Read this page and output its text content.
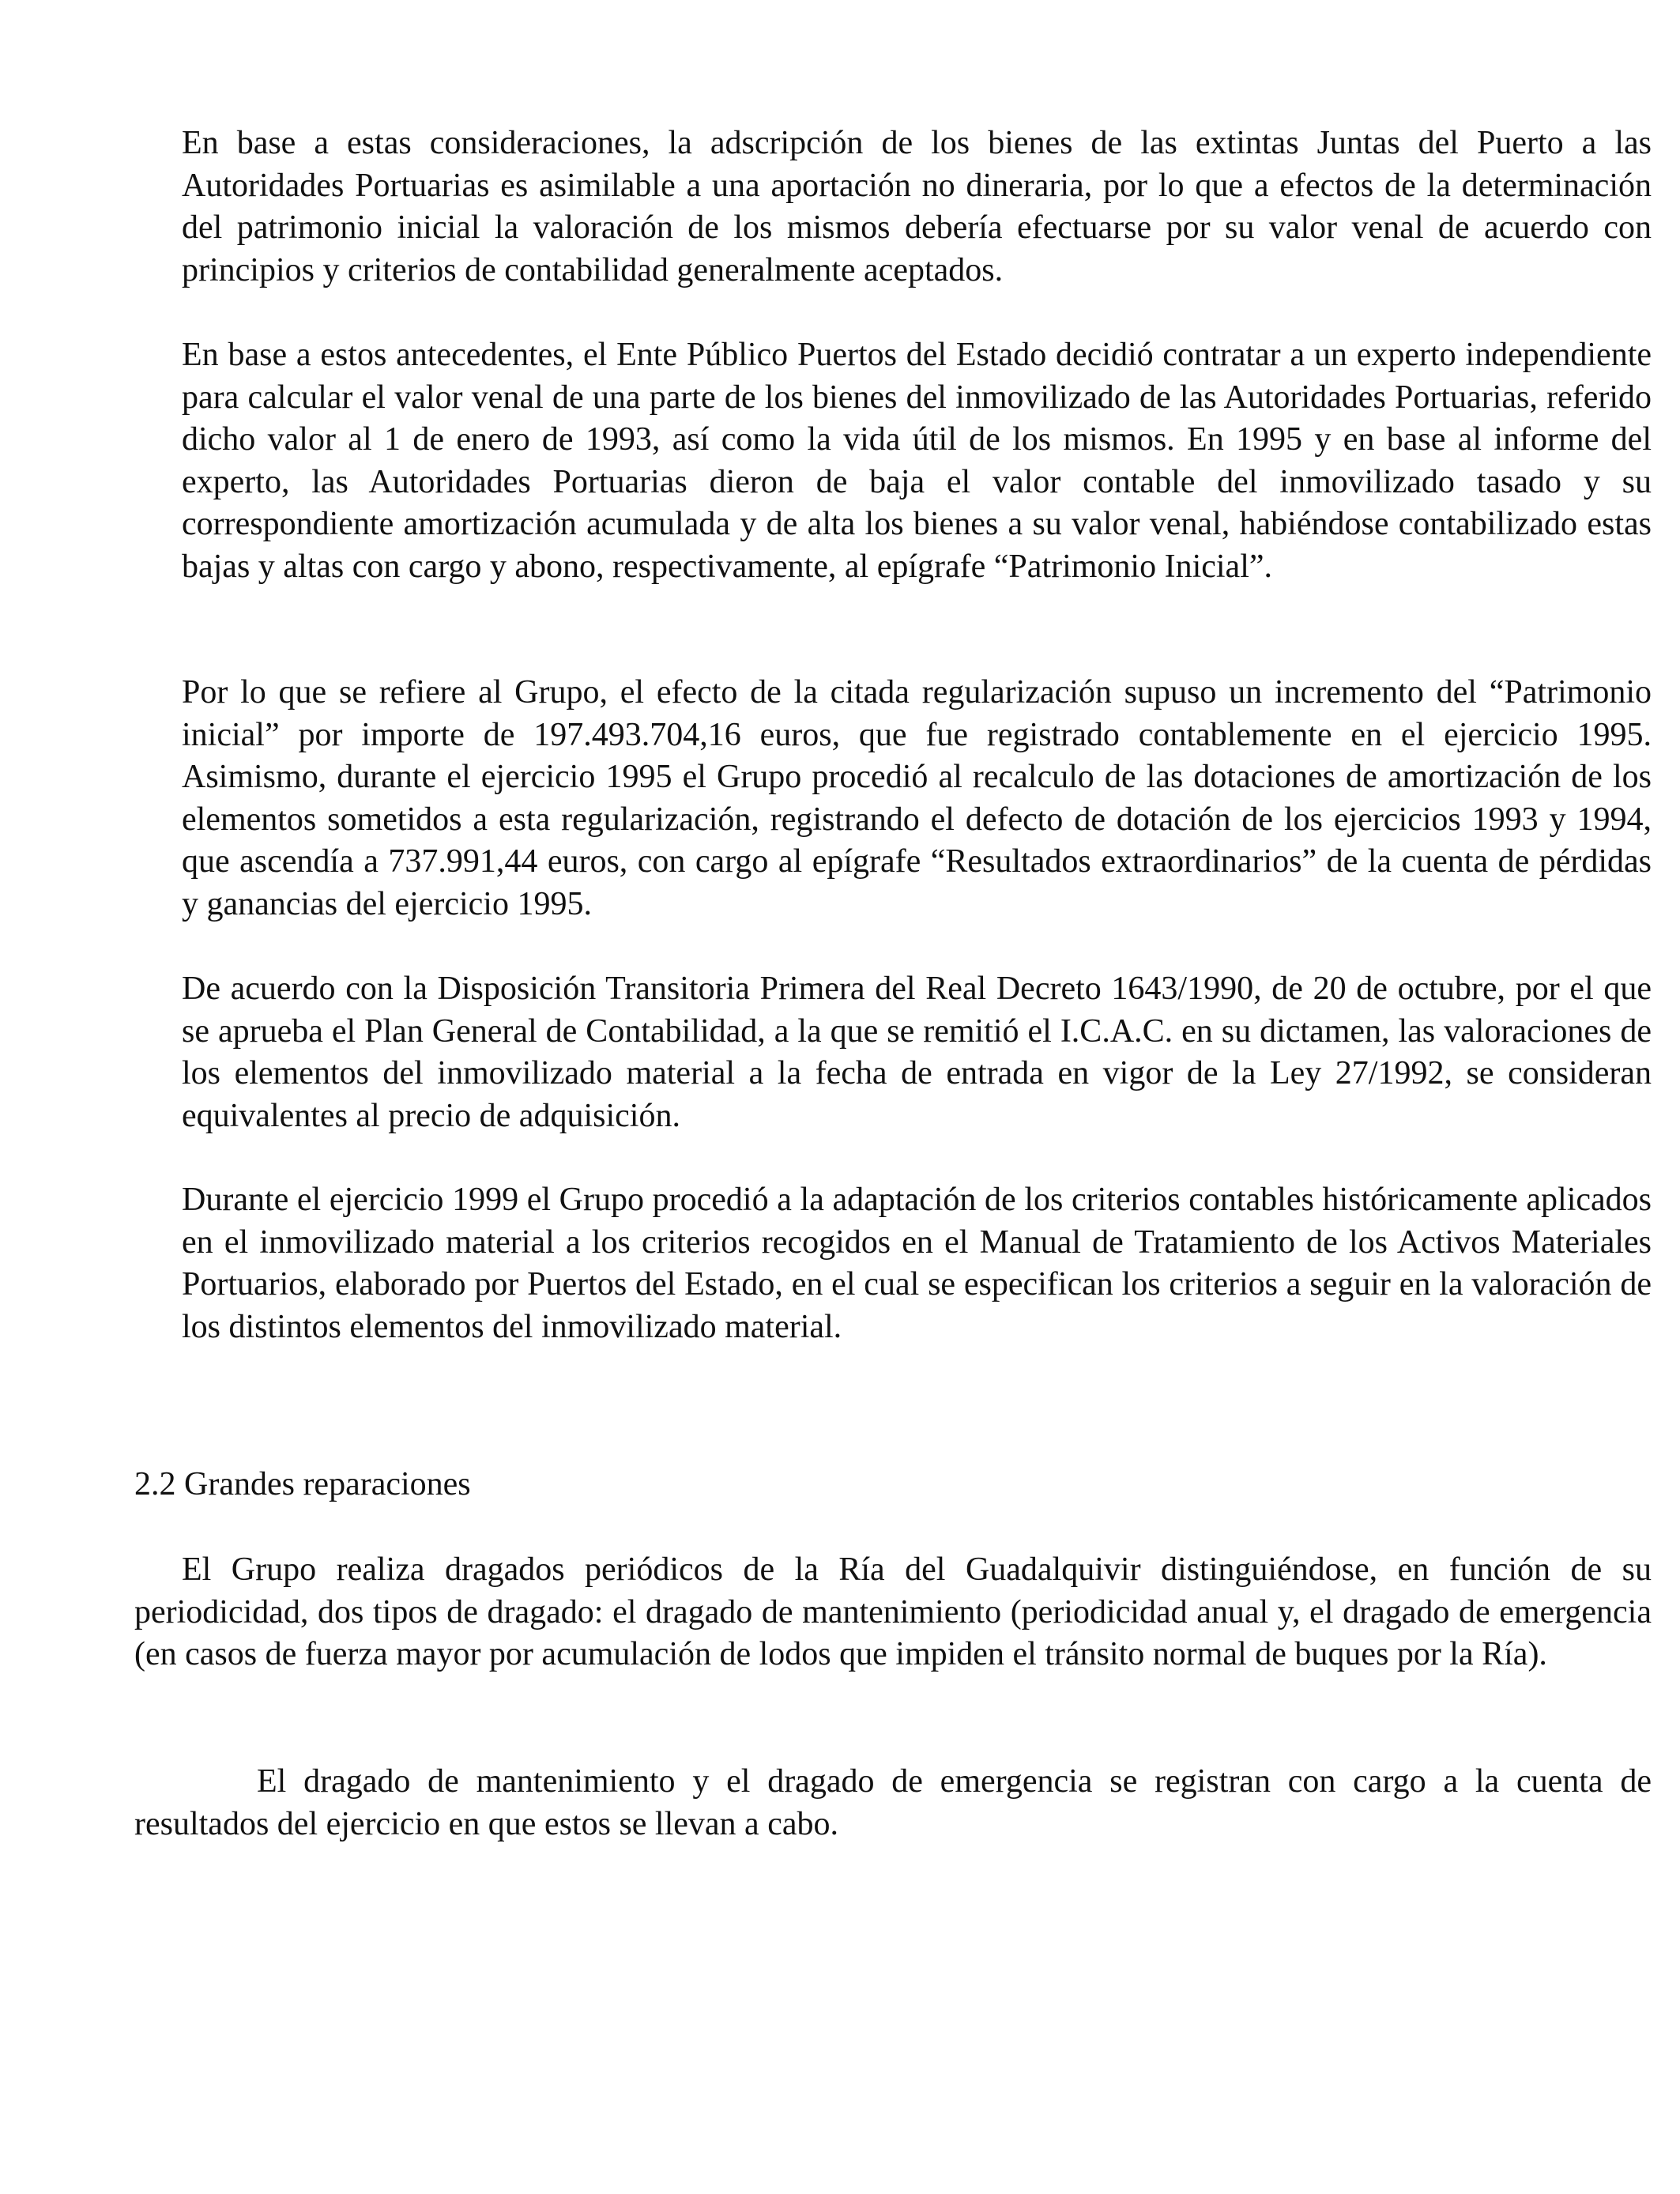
En base a estas consideraciones, la adscripción de los bienes de las extintas Juntas del Puerto a las Autoridades Portuarias es asimilable a una aportación no dineraria, por lo que a efectos de la determinación del patrimonio inicial la valoración de los mismos debería efectuarse por su valor venal de acuerdo con principios y criterios de contabilidad generalmente aceptados.

En base a estos antecedentes, el Ente Público Puertos del Estado decidió contratar a un experto independiente para calcular el valor venal de una parte de los bienes del inmovilizado de las Autoridades Portuarias, referido dicho valor al 1 de enero de 1993, así como la vida útil de los mismos. En 1995 y en base al informe del experto, las Autoridades Portuarias dieron de baja el valor contable del inmovilizado tasado y su correspondiente amortización acumulada y de alta los bienes a su valor venal, habiéndose contabilizado estas bajas y altas con cargo y abono, respectivamente, al epígrafe “Patrimonio Inicial”.

Por lo que se refiere al Grupo, el efecto de la citada regularización supuso un incremento del “Patrimonio inicial” por importe de 197.493.704,16 euros, que fue registrado contablemente en el ejercicio 1995. Asimismo, durante el ejercicio 1995 el Grupo procedió al recalculo de las dotaciones de amortización de los elementos sometidos a esta regularización, registrando el defecto de dotación de los ejercicios 1993 y 1994, que ascendía a 737.991,44 euros, con cargo al epígrafe “Resultados extraordinarios” de la cuenta de pérdidas y ganancias del ejercicio 1995.

De acuerdo con la Disposición Transitoria Primera del Real Decreto 1643/1990, de 20 de octubre, por el que se aprueba el Plan General de Contabilidad, a la que se remitió el I.C.A.C. en su dictamen, las valoraciones de los elementos del inmovilizado material a la fecha de entrada en vigor de la Ley 27/1992, se consideran equivalentes al precio de adquisición.

Durante el ejercicio 1999 el Grupo procedió a la adaptación de los criterios contables históricamente aplicados en el inmovilizado material a los criterios recogidos en el Manual de Tratamiento de los Activos Materiales Portuarios, elaborado por Puertos del Estado, en el cual se especifican los criterios a seguir en la valoración de los distintos elementos del inmovilizado material.

2.2 Grandes reparaciones

El Grupo realiza dragados periódicos de la Ría del Guadalquivir distinguiéndose, en función de su periodicidad, dos tipos de dragado: el dragado de mantenimiento (periodicidad anual y, el dragado de emergencia (en casos de fuerza mayor por acumulación de lodos que impiden el tránsito normal de buques por la Ría).

El dragado de mantenimiento y el dragado de emergencia se registran con cargo a la cuenta de resultados del ejercicio en que estos se llevan a cabo.
